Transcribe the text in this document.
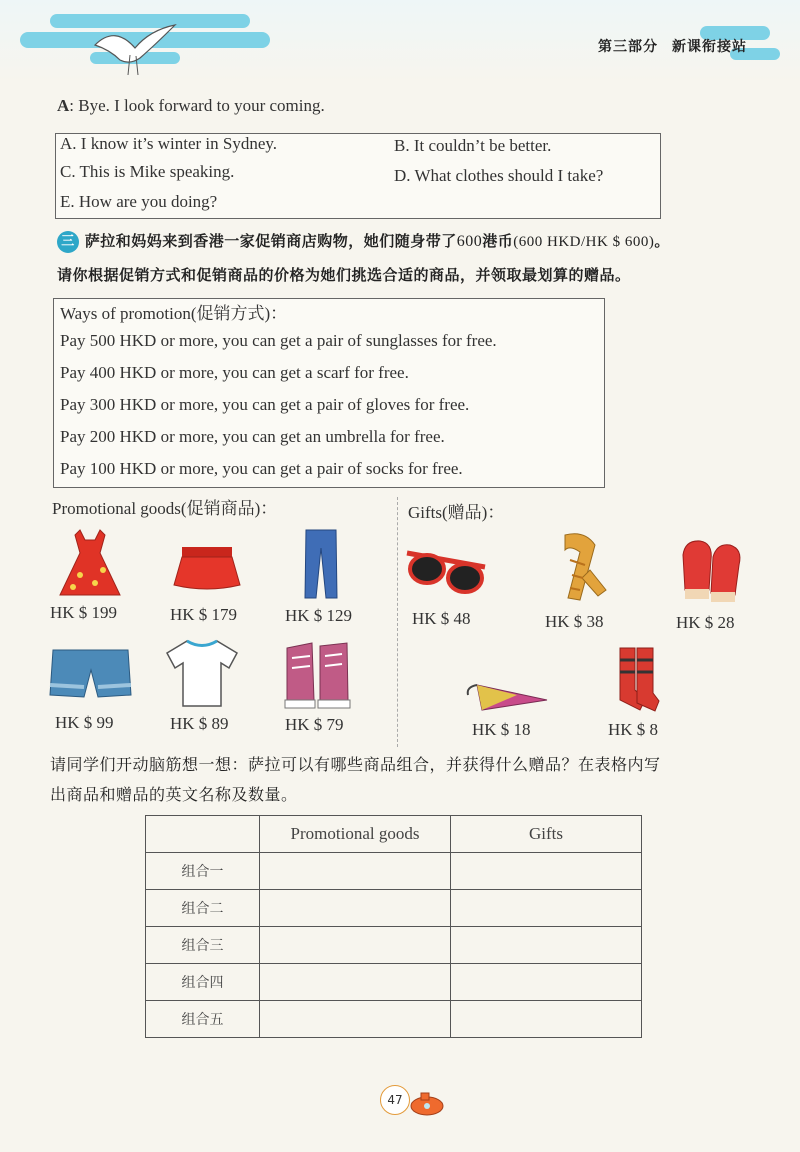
第三部分 新课衔接站
A: Bye. I look forward to your coming.
A. I know it’s winter in Sydney.	B. It couldn’t be better.
C. This is Mike speaking.	D. What clothes should I take?
E. How are you doing?
三 萨拉和妈妈来到香港一家促销商店购物，她们随身带了600港币(600 HKD/HK $ 600)。
请你根据促销方式和促销商品的价格为她们挑选合适的商品，并领取最划算的赠品。
Ways of promotion(促销方式)：
Pay 500 HKD or more, you can get a pair of sunglasses for free.
Pay 400 HKD or more, you can get a scarf for free.
Pay 300 HKD or more, you can get a pair of gloves for free.
Pay 200 HKD or more, you can get an umbrella for free.
Pay 100 HKD or more, you can get a pair of socks for free.
Promotional goods(促销商品)：	Gifts(赠品)：
HK $ 199	HK $ 179	HK $ 129
HK $ 99	HK $ 89	HK $ 79
HK $ 48	HK $ 38	HK $ 28
HK $ 18	HK $ 8
请同学们开动脑筋想一想：萨拉可以有哪些商品组合，并获得什么赠品？在表格内写
出商品和赠品的英文名称及数量。
	Promotional goods	Gifts
组合一		
组合二		
组合三		
组合四		
组合五		
47
